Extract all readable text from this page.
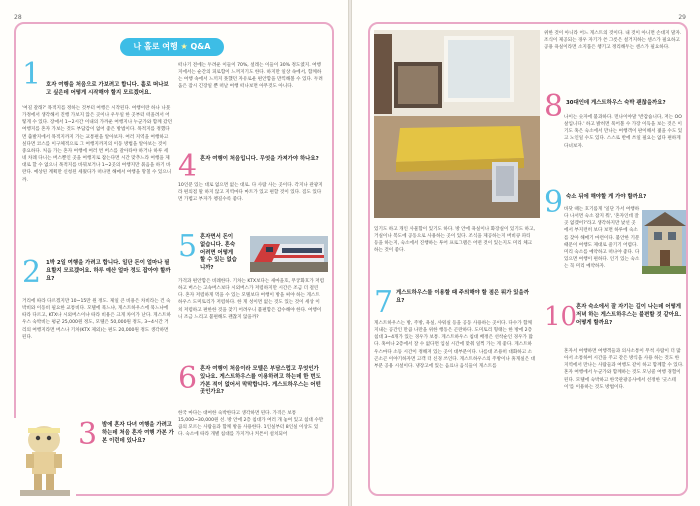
28
나 홀로 여행 ★ Q&A
1 호자 여행을 처음으로 가보려고 합니다. 홀로 떠나보고 싶은데 어떻게 시작해야 할지 모르겠어요.

'여길 갈래?' 목적지를 정하는 것부터 여행은 시작된다. 여행이란 하나 나뭇 가정에서 생각해서 진행 가보지 않은 곳이나 우두일 한 곳부터 떠올려서 어떻게 수 있다. 장애서 1~2시간 이내의 가까운 여행지나 누군가와 함께 갔던 여행지를 혼자 가보는 것도 부담감이 없어 좋은 방법이다. 목적지를 정했다면 출발지에서 목적지까지 가는 교통편을 알아보자. 여러 지역을 여행하고 싶다면 코스를 이구체적으로 그 여행지까지의 이동 방법을 알아보는 것이 중요하다. 처음 가는 혼자 여행에 여러 번 버스를 갈아타야 하거나 하루 세네 차례 다니는 버스뿐인 곳을 여행지로 잡는다면 시간 맞추느라 여행을 제대로 할 수 없으니 목적지를 바꿔보거나 1~2곳의 여행지만 묶음을 하기 바란다. 예상된 계획만 신청된 세웠다가 떠나면 해매서 여행을 망칠 수 있으니까.

2 1박 2일 여행을 가려고 합니다. 일단 돈이 얼마나 필요할지 모르겠어요. 하루 예산 얼마 정도 잡아야 할까요?

거리에 따라 다르겠지만 10~15만 원 정도. 제일 큰 비용은 차비라는 건 숙박비와 이동비 필요한 교통비다. 모텔에 묵느냐, 게스트하우스에 묵느냐에 따라 다르고, KTX나 시외버스이냐 따라 비용은 크게 차이가 난다. 게스트하우스 숙박비는 평균 25,000원 정도, 모텔은 50,000원 정도, 3~4시간 거리의 여행지라면 버스나 기차(KTX 제외)는 편도 20,000원 정도 생각하면 된다.

3 밤에 혼자 다녀 여행을 가려고 하는데 처음 혼자 여행 가본 가본 이런데 있나요?

떠나기 전에는 두려운 이들이 70%, 설레는 이들이 30% 정도였지. 여행지에서는 순간의 피로함이 느껴지기도 한다. 하지만 일상 속에서, 함께하는 여행 속에서 느끼지 못했던 자유로운 편안함을 만끽해볼 수 있다. 두려움은 잠시 긴장일 뿐 떠날 여행 떠나보면 아무것도 아니다.

4 혼자 여행이 처음입니다. 무엇을 가져가야 하나요?

10인분 있는 대로 없으면 없는 대로. 다 사람 사는 곳이다. 각지나 관광지라 편의점 말 하지 않고 지역마다 마트가 있고 편할 것이 있다. 짐도 있다면 가볍고 부자가 챙길수록 좋다.

5 혼자면서 돈이 없습니다. 혼숙 어려면 어떻게 할 수 있는 없습니까?

가격과 편안함은 비례한다. 기차는 KTX보다는 새마을호, 무궁화호가 저렴하고 버스는 고속버스보다 시외버스가 저렴하지만 시간은 조금 더 걸린다. 혼자 저렴하게 먹을 수 있는 모텔보다 여행이 방을 써야 하는 게스트하우스 도미토리가 저렴하다. 한 게 성이면 없는 것도 있는 것이 세상 이치 저렴하고 편한한 것을 찾기 어려우니 불편함은 감수해야 한다. 여행이니 조금 느리고 불편해도 괜찮지 않을까?

6 혼자 여행이 처음이라 모텔은 부담스럽고 무엇인가 있나요. 게스트하우스를 이용하려고 하는데 한 번도 가본 적이 없어서 막막합니다. 게스트하우스는 어떤 곳인가요?

한국 마다는 대여한 숙박한다고 생각하면 된다. 가격은 보통 15,000~30,000원 선. 방 안에 2층 침대가 여러 개 놓여 있고 침대 수만큼의 모르는 사람들과 함께 방을 사용한다. 1인실부터 8인실 이상도 있다. 숙소에 따라 개별 침대를 가지거나 커튼이 설치되어

29

있기도 하고 개인 사물함이 있기도 하다. 방 안에 욕실이나 화장실이 있기도 하고, 거실이나 복도에 공동으로 사용하는 곳이 있다. 조식을 제공하는지 버비큐 파티 등을 하는지, 숙소에서 진행하는 투어 프로그램은 어떤 것이 있는지도 미리 체크하는 것이 좋다.

7 게스트하우스를 이용할 때 주의해야 할 점은 뭐가 있을까요?

게스트하우스는 방, 주방, 욕실, 샤워실 등을 공동 사용하는 곳이다. 다수가 함께 지내는 공간인 만큼 나만을 위한 행동은 곤란하다. 도미토리 형태는 한 방에 2층 침대 3~4개가 있는 경우가 보통. 게스트하우스 침대 배정은 선착순인 경우가 많다. 혹여나 2층에서 잘 수 없다면 입실 시간에 맞춰 일찍 가는 게 좋다. 게스트하우스마다 소등 시간이 정해져 있는 곳이 대부분이다. 나름대 조용히 대화하고 소곤소곤 이야기하자면 고객 더 신경 쓰인다. 게스트하우스의 주방이나 휴게실은 대부분 공용 시설이다. 냉장고에 있는 음료나 음식들이 게스트를

위한 것이 아니라 어느 게스트의 것이다. 내 것이 아니면 손대지 말자. 조식이 제공되는 경우 자기가 쓴 그릇은 설거지하는 센스가 필요하고 공용 욕실이라면 소지품은 챙기고 정리해두는 센스가 필요하다.

8 30대인데 게스트하우스 숙박 괜찮을까요?

나이는 숫자에 불과하다. 먼나이야말 '반갑습니다, 저는 OO살입니다.' 하고 밝히면 묵어볼 수 가장 이득을 보는 것은 이기도 혹은 숙소에서 만나는 여행객이 판이해서 젊을 수도 있고 노인일 수도 있다. 스스로 반에 쓰일 필요는 없다 편하게 다녀보자.

9 숙소 뒤에 해야할 게 가야 할까요?

바닷 때는 호기롭게 '일단 가서 여행하다 나서면 숙소 잡지 뭐', '혼자인데 잘 곳 없겠어?'라고 생각하지만 낯선 곳에서 부지런히 보다 보면 하루에 숙소를 찾아 해매기 마련이다. 불안한 기분 때문이 여행도 제대로 즐기기 어렵다. 미리 숙소를 예약하고 떠나야 좋다. 다 있으면 여행이 편하다. 인기 있는 숙소는 꼭 미리 예약하자.

10
혼자 숙소에서 잘 자기는 길이 나는데 어떻게 저녁 하는 게스트하우스는 불편할 것 같아요. 어떻게 할까요?

혼자서 여행하면 여행객들과 의사소통이 무척 사람이 더 많아서 소통하여 시간을 주고 같은 방식을 사용 하는 것도 한 지역에서 만나는 사람들과 여행도 같이 하고 함께할 수 있다. 혼자 여행에서 누군가와 함께하는 것도 모닝콜 여행 경험이 된다. 모텔에 숙박하고 한국관광공사에서 선정한 '굿스테이'를 이용하는 것도 방법이다.
